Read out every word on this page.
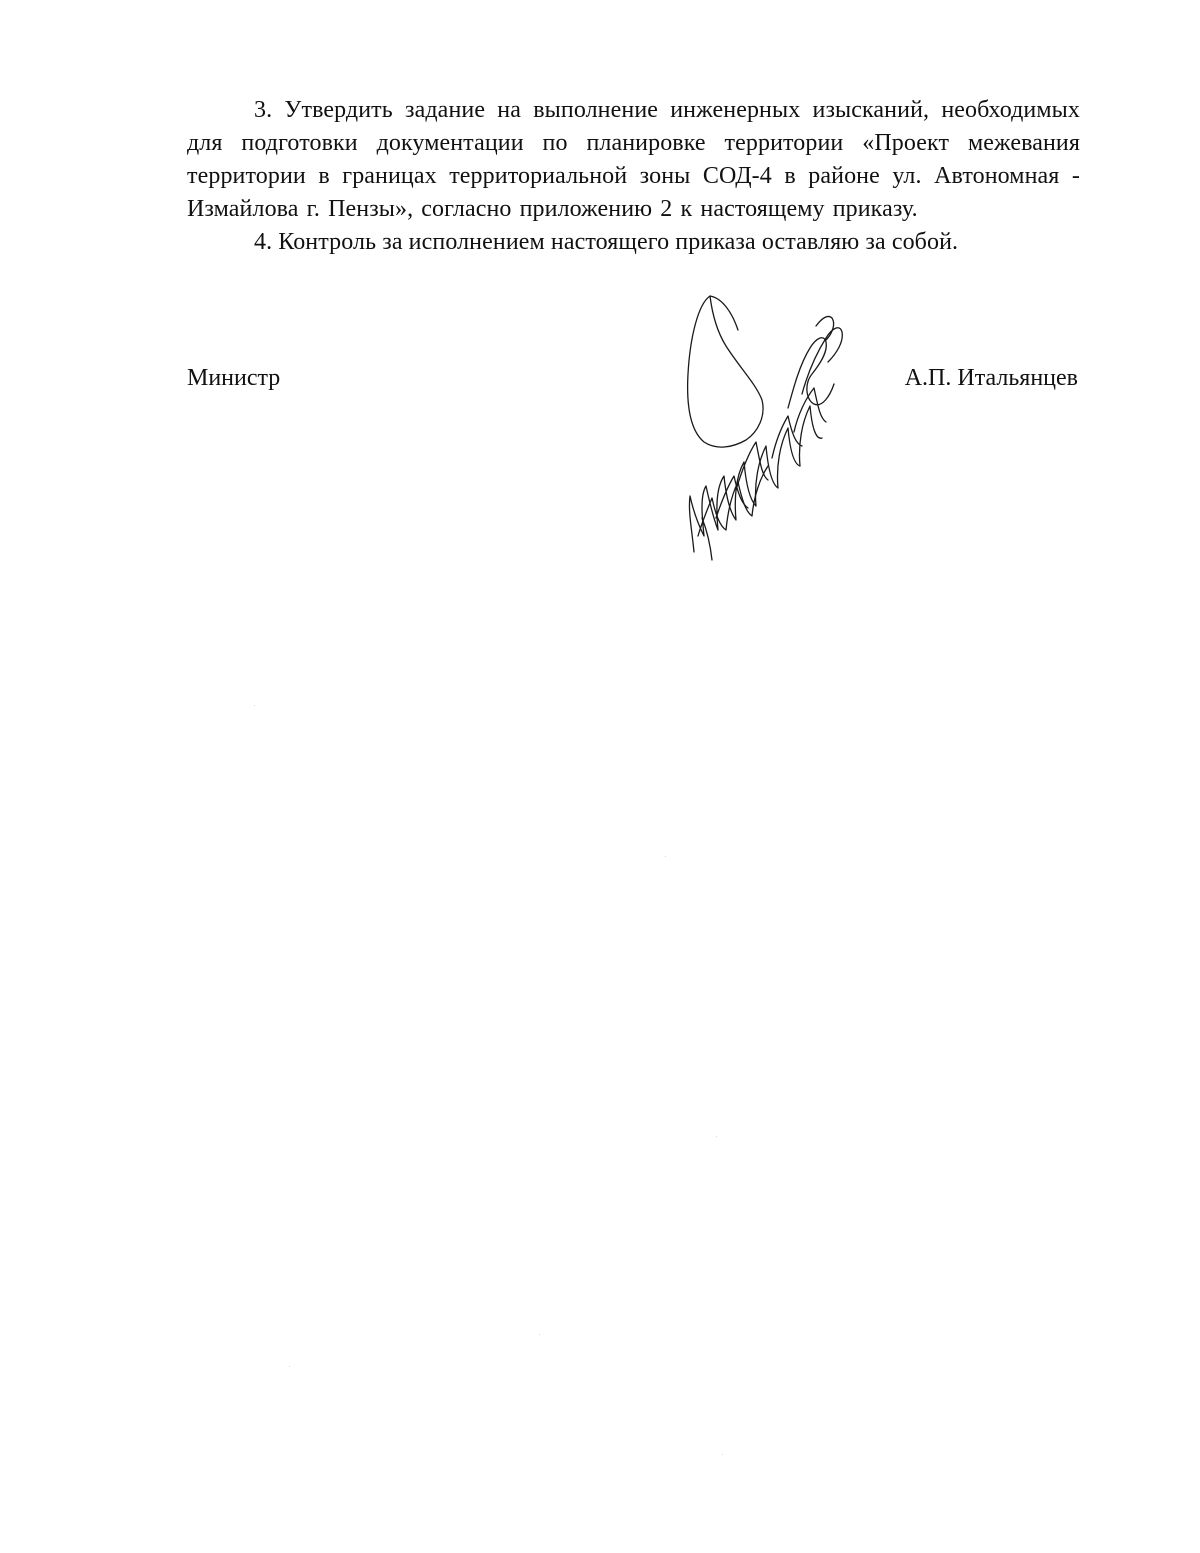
3. Утвердить задание на выполнение инженерных изысканий, необходимых для подготовки документации по планировке территории «Проект межевания территории в границах территориальной зоны СОД-4 в районе ул. Автономная - Измайлова г. Пензы», согласно приложению 2 к настоящему приказу.

4. Контроль за исполнением настоящего приказа оставляю за собой.

Министр	А.П. Итальянцев
